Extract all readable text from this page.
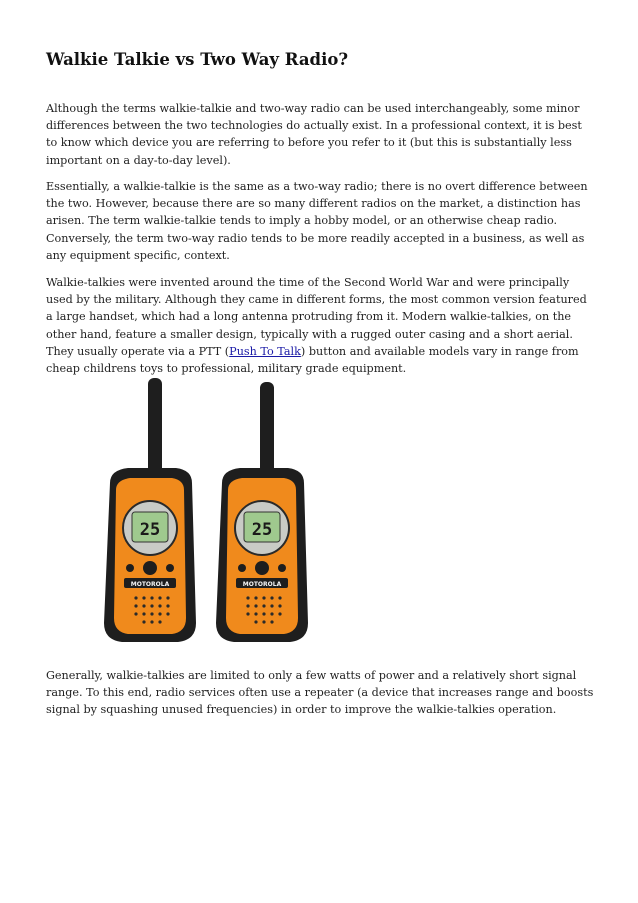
Walkie Talkie vs Two Way Radio?

Although the terms walkie-talkie and two-way radio can be used interchangeably, some minor differences between the two technologies do actually exist. In a professional context, it is best to know which device you are referring to before you refer to it (but this is substantially less important on a day-to-day level).

Essentially, a walkie-talkie is the same as a two-way radio; there is no overt difference between the two. However, because there are so many different radios on the market, a distinction has arisen. The term walkie-talkie tends to imply a hobby model, or an otherwise cheap radio. Conversely, the term two-way radio tends to be more readily accepted in a business, as well as any equipment specific, context.

Walkie-talkies were invented around the time of the Second World War and were principally used by the military. Although they came in different forms, the most common version featured a large handset, which had a long antenna protruding from it. Modern walkie-talkies, on the other hand, feature a smaller design, typically with a rugged outer casing and a short aerial. They usually operate via a PTT (Push To Talk) button and available models vary in range from cheap childrens toys to professional, military grade equipment.

25
MOTOROLA
25
MOTOROLA

Generally, walkie-talkies are limited to only a few watts of power and a relatively short signal range. To this end, radio services often use a repeater (a device that increases range and boosts signal by squashing unused frequencies) in order to improve the walkie-talkies operation.
